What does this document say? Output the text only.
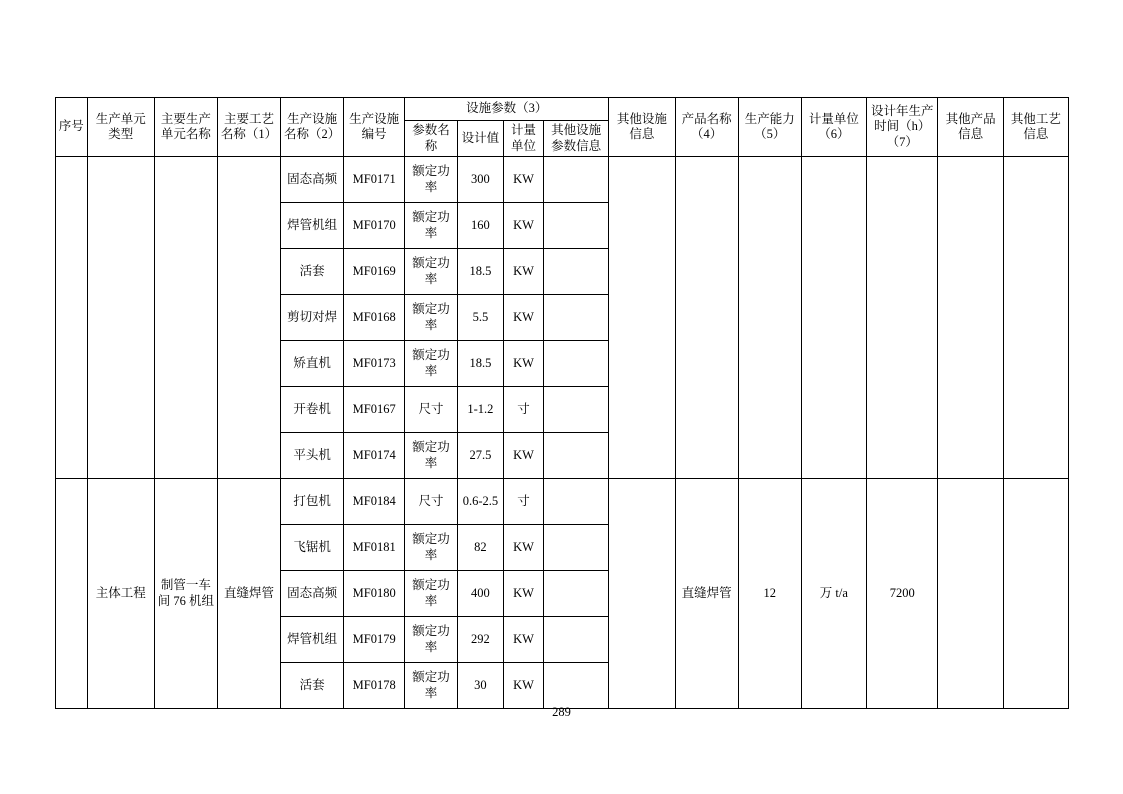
序号	生产单元类型	主要生产单元名称	主要工艺名称（1）	生产设施名称（2）	生产设施编号	设施参数（3）				其他设施信息	产品名称（4）	生产能力（5）	计量单位（6）	设计年生产时间（h）（7）	其他产品信息	其他工艺信息
						参数名称	设计值	计量单位	其他设施参数信息							
				固态高频	MF0171	额定功率	300	KW								
				焊管机组	MF0170	额定功率	160	KW								
				活套	MF0169	额定功率	18.5	KW								
				剪切对焊	MF0168	额定功率	5.5	KW								
				矫直机	MF0173	额定功率	18.5	KW								
				开卷机	MF0167	尺寸	1-1.2	寸								
				平头机	MF0174	额定功率	27.5	KW								
	主体工程	制管一车间 76 机组	直缝焊管	打包机	MF0184	尺寸	0.6-2.5	寸			直缝焊管	12	万 t/a	7200		
				飞锯机	MF0181	额定功率	82	KW								
				固态高频	MF0180	额定功率	400	KW								
				焊管机组	MF0179	额定功率	292	KW								
				活套	MF0178	额定功率	30	KW								
289
